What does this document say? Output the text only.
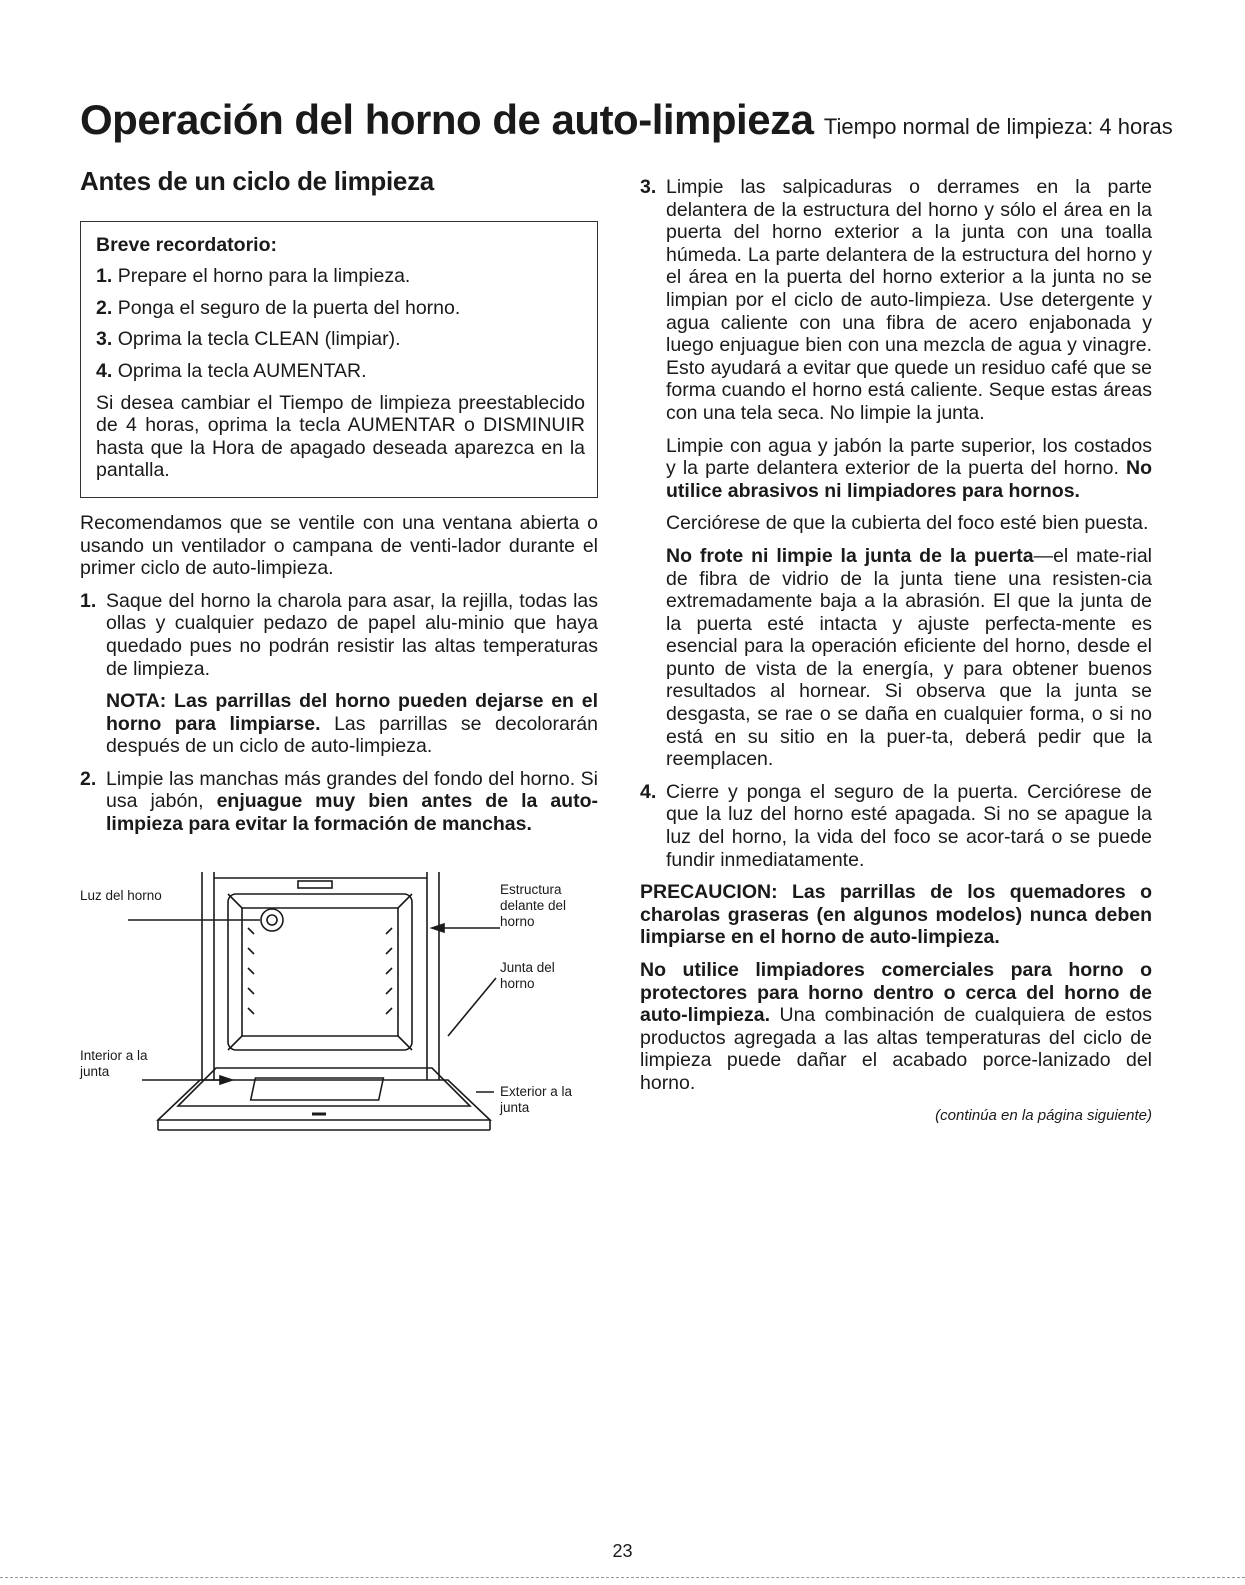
Operación del horno de auto-limpieza Tiempo normal de limpieza: 4 horas
Antes de un ciclo de limpieza
Breve recordatorio:
1. Prepare el horno para la limpieza.
2. Ponga el seguro de la puerta del horno.
3. Oprima la tecla CLEAN (limpiar).
4. Oprima la tecla AUMENTAR.
Si desea cambiar el Tiempo de limpieza preestablecido de 4 horas, oprima la tecla AUMENTAR o DISMINUIR hasta que la Hora de apagado deseada aparezca en la pantalla.

Recomendamos que se ventile con una ventana abierta o usando un ventilador o campana de venti-lador durante el primer ciclo de auto-limpieza.

1. Saque del horno la charola para asar, la rejilla, todas las ollas y cualquier pedazo de papel alu-minio que haya quedado pues no podrán resistir las altas temperaturas de limpieza.
NOTA: Las parrillas del horno pueden dejarse en el horno para limpiarse. Las parrillas se decolorarán después de un ciclo de auto-limpieza.
2. Limpie las manchas más grandes del fondo del horno. Si usa jabón, enjuague muy bien antes de la auto-limpieza para evitar la formación de manchas.
Luz del horno
Interior a la junta
Estructura delante del horno
Junta del horno
Exterior a la junta
3. Limpie las salpicaduras o derrames en la parte delantera de la estructura del horno y sólo el área en la puerta del horno exterior a la junta con una toalla húmeda. La parte delantera de la estructura del horno y el área en la puerta del horno exterior a la junta no se limpian por el ciclo de auto-limpieza. Use detergente y agua caliente con una fibra de acero enjabonada y luego enjuague bien con una mezcla de agua y vinagre. Esto ayudará a evitar que quede un residuo café que se forma cuando el horno está caliente. Seque estas áreas con una tela seca. No limpie la junta.
Limpie con agua y jabón la parte superior, los costados y la parte delantera exterior de la puerta del horno. No utilice abrasivos ni limpiadores para hornos.
Cerciórese de que la cubierta del foco esté bien puesta.
No frote ni limpie la junta de la puerta—el mate-rial de fibra de vidrio de la junta tiene una resisten-cia extremadamente baja a la abrasión. El que la junta de la puerta esté intacta y ajuste perfecta-mente es esencial para la operación eficiente del horno, desde el punto de vista de la energía, y para obtener buenos resultados al hornear. Si observa que la junta se desgasta, se rae o se daña en cualquier forma, o si no está en su sitio en la puer-ta, deberá pedir que la reemplacen.
4. Cierre y ponga el seguro de la puerta. Cerciórese de que la luz del horno esté apagada. Si no se apague la luz del horno, la vida del foco se acor-tará o se puede fundir inmediatamente.

PRECAUCION: Las parrillas de los quemadores o charolas graseras (en algunos modelos) nunca deben limpiarse en el horno de auto-limpieza.

No utilice limpiadores comerciales para horno o protectores para horno dentro o cerca del horno de auto-limpieza. Una combinación de cualquiera de estos productos agregada a las altas temperaturas del ciclo de limpieza puede dañar el acabado porce-lanizado del horno.

(continúa en la página siguiente)
23
